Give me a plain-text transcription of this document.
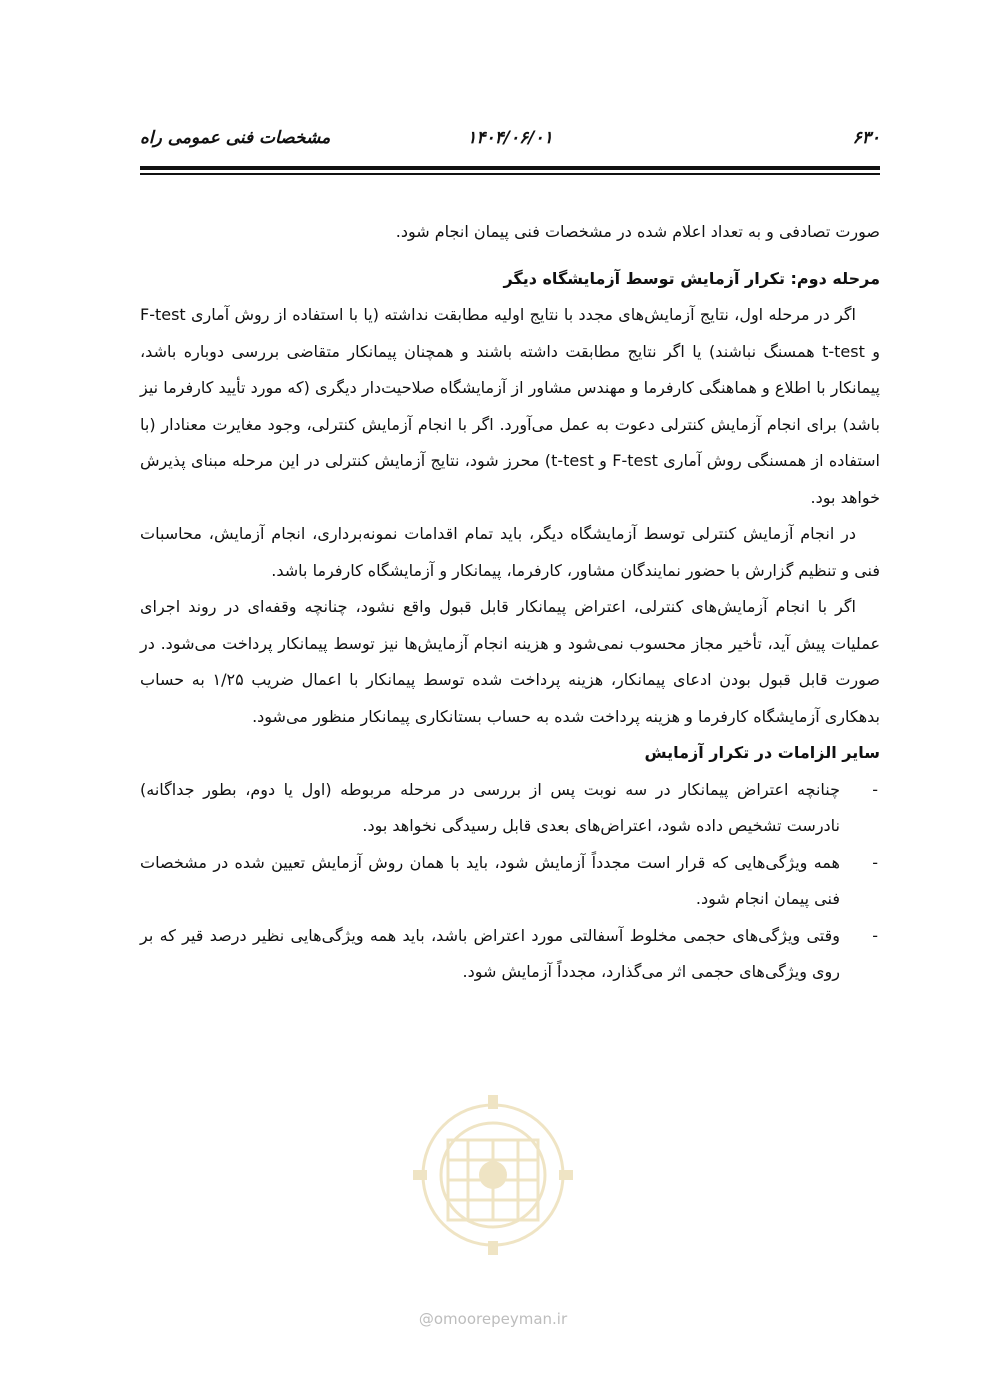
۶۳۰
۱۴۰۴/۰۶/۰۱
مشخصات فنی عمومی راه

صورت تصادفی و به تعداد اعلام شده در مشخصات فنی پیمان انجام شود.

مرحله دوم: تکرار آزمایش توسط آزمایشگاه دیگر

اگر در مرحله اول، نتایج آزمایش‌های مجدد با نتایج اولیه مطابقت نداشته (یا با استفاده از روش آماری F-test و t-test همسنگ نباشند) یا اگر نتایج مطابقت داشته باشند و همچنان پیمانکار متقاضی بررسی دوباره باشد، پیمانکار با اطلاع و هماهنگی کارفرما و مهندس مشاور از آزمایشگاه صلاحیت‌دار دیگری (که مورد تأیید کارفرما نیز باشد) برای انجام آزمایش کنترلی دعوت به عمل می‌آورد. اگر با انجام آزمایش کنترلی، وجود مغایرت معنادار (با استفاده از همسنگی روش آماری F-test و t-test) محرز شود، نتایج آزمایش کنترلی در این مرحله مبنای پذیرش خواهد بود.

در انجام آزمایش کنترلی توسط آزمایشگاه دیگر، باید تمام اقدامات نمونه‌برداری، انجام آزمایش، محاسبات فنی و تنظیم گزارش با حضور نمایندگان مشاور، کارفرما، پیمانکار و آزمایشگاه کارفرما باشد.

اگر با انجام آزمایش‌های کنترلی، اعتراض پیمانکار قابل قبول واقع نشود، چنانچه وقفه‌ای در روند اجرای عملیات پیش آید، تأخیر مجاز محسوب نمی‌شود و هزینه انجام آزمایش‌ها نیز توسط پیمانکار پرداخت می‌شود. در صورت قابل قبول بودن ادعای پیمانکار، هزینه پرداخت شده توسط پیمانکار با اعمال ضریب ۱/۲۵ به حساب بدهکاری آزمایشگاه کارفرما و هزینه پرداخت شده به حساب بستانکاری پیمانکار منظور می‌شود.

سایر الزامات در تکرار آزمایش

-
چنانچه اعتراض پیمانکار در سه نوبت پس از بررسی در مرحله مربوطه (اول یا دوم، بطور جداگانه) نادرست تشخیص داده شود، اعتراض‌های بعدی قابل رسیدگی نخواهد بود.
-
همه ویژگی‌هایی که قرار است مجدداً آزمایش شود، باید با همان روش آزمایش تعیین شده در مشخصات فنی پیمان انجام شود.
-
وقتی ویژگی‌های حجمی مخلوط آسفالتی مورد اعتراض باشد، باید همه ویژگی‌هایی نظیر درصد قیر که بر روی ویژگی‌های حجمی اثر می‌گذارد، مجدداً آزمایش شود.
@omoorepeyman.ir
